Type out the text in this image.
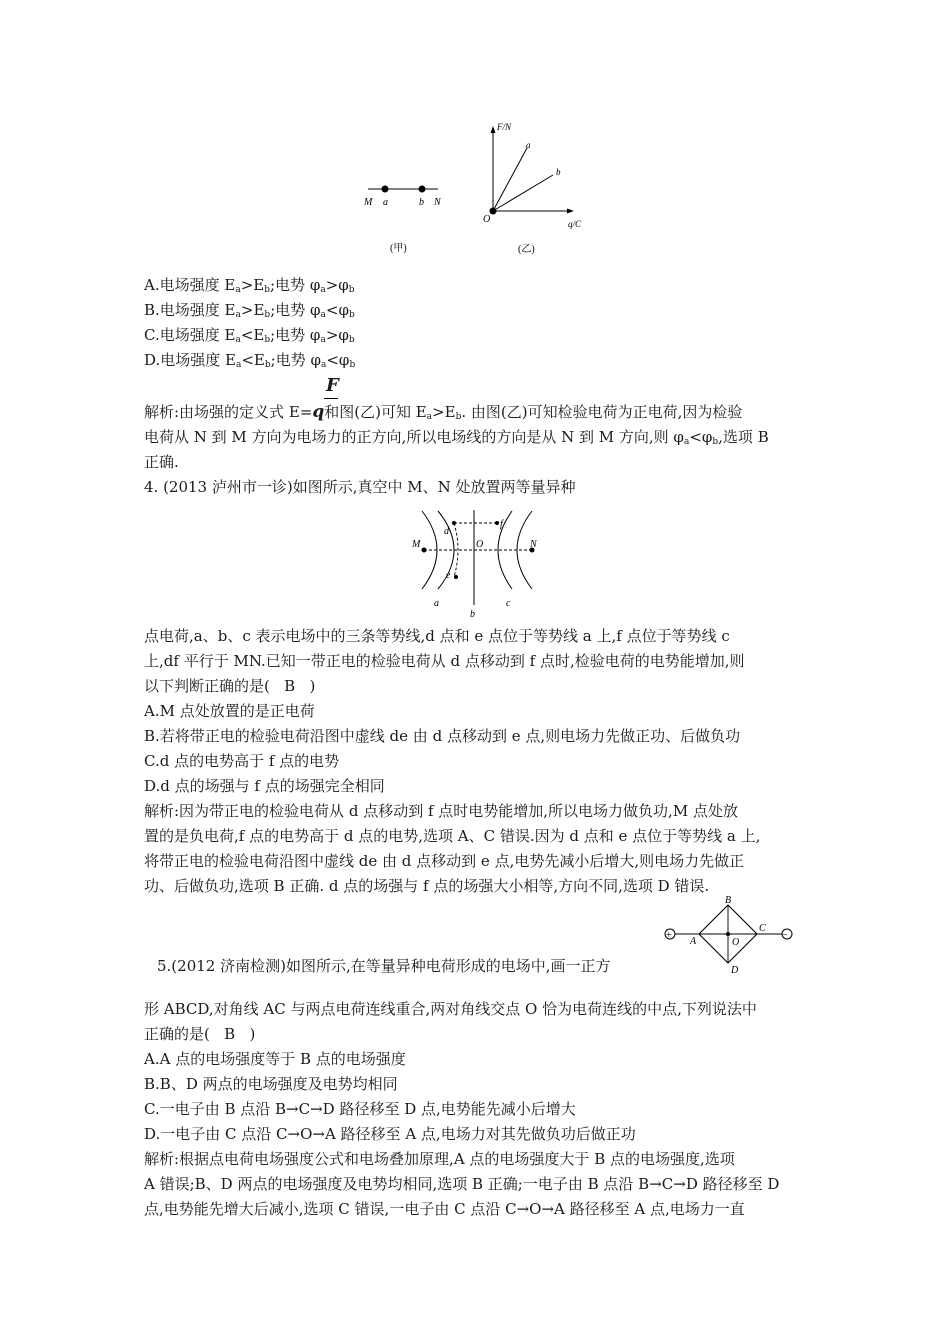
M a	b N
(甲)
F/N
q/C
O
a
b
(乙)
A.电场强度 $E_a>E_b$;电势 $\varphi_a>\varphi_b$
B.电场强度 $E_a>E_b$;电势 $\varphi_a<\varphi_b$
C.电场强度 $E_a<E_b$;电势 $\varphi_a>\varphi_b$
D.电场强度 $E_a<E_b$;电势 $\varphi_a<\varphi_b$
F
解析:由场强的定义式 E=q和图(乙)可知 $E_a>E_b$. 由图(乙)可知检验电荷为正电荷,因为检验
电荷从 N 到 M 方向为电场力的正方向,所以电场线的方向是从 N 到 M 方向,则 $\varphi_a<\varphi_b$,选项 B
正确.
4. (2013 泸州市一诊)如图所示,真空中 M、N 处放置两等量异种
M	N
d
f
e
O
a
b
c
点电荷,a、b、c 表示电场中的三条等势线,d 点和 e 点位于等势线 a 上,f 点位于等势线 c
上,df 平行于 MN.已知一带正电的检验电荷从 d 点移动到 f 点时,检验电荷的电势能增加,则
以下判断正确的是(   B   )
A.M 点处放置的是正电荷
B.若将带正电的检验电荷沿图中虚线 de 由 d 点移动到 e 点,则电场力先做正功、后做负功
C.d 点的电势高于 f 点的电势
D.d 点的场强与 f 点的场强完全相同
解析:因为带正电的检验电荷从 d 点移动到 f 点时电势能增加,所以电场力做负功,M 点处放
置的是负电荷,f 点的电势高于 d 点的电势,选项 A、C 错误.因为 d 点和 e 点位于等势线 a 上,
将带正电的检验电荷沿图中虚线 de 由 d 点移动到 e 点,电势先减小后增大,则电场力先做正
功、后做负功,选项 B 正确. d 点的场强与 f 点的场强大小相等,方向不同,选项 D 错误.
+	−
B
A	O
C
D
5.(2012 济南检测)如图所示,在等量异种电荷形成的电场中,画一正方
形 ABCD,对角线 AC 与两点电荷连线重合,两对角线交点 O 恰为电荷连线的中点,下列说法中
正确的是(   B   )
A.A 点的电场强度等于 B 点的电场强度
B.B、D 两点的电场强度及电势均相同
C.一电子由 B 点沿 B→C→D 路径移至 D 点,电势能先减小后增大
D.一电子由 C 点沿 C→O→A 路径移至 A 点,电场力对其先做负功后做正功
解析:根据点电荷电场强度公式和电场叠加原理,A 点的电场强度大于 B 点的电场强度,选项
A 错误;B、D 两点的电场强度及电势均相同,选项 B 正确;一电子由 B 点沿 B→C→D 路径移至 D
点,电势能先增大后减小,选项 C 错误,一电子由 C 点沿 C→O→A 路径移至 A 点,电场力一直
